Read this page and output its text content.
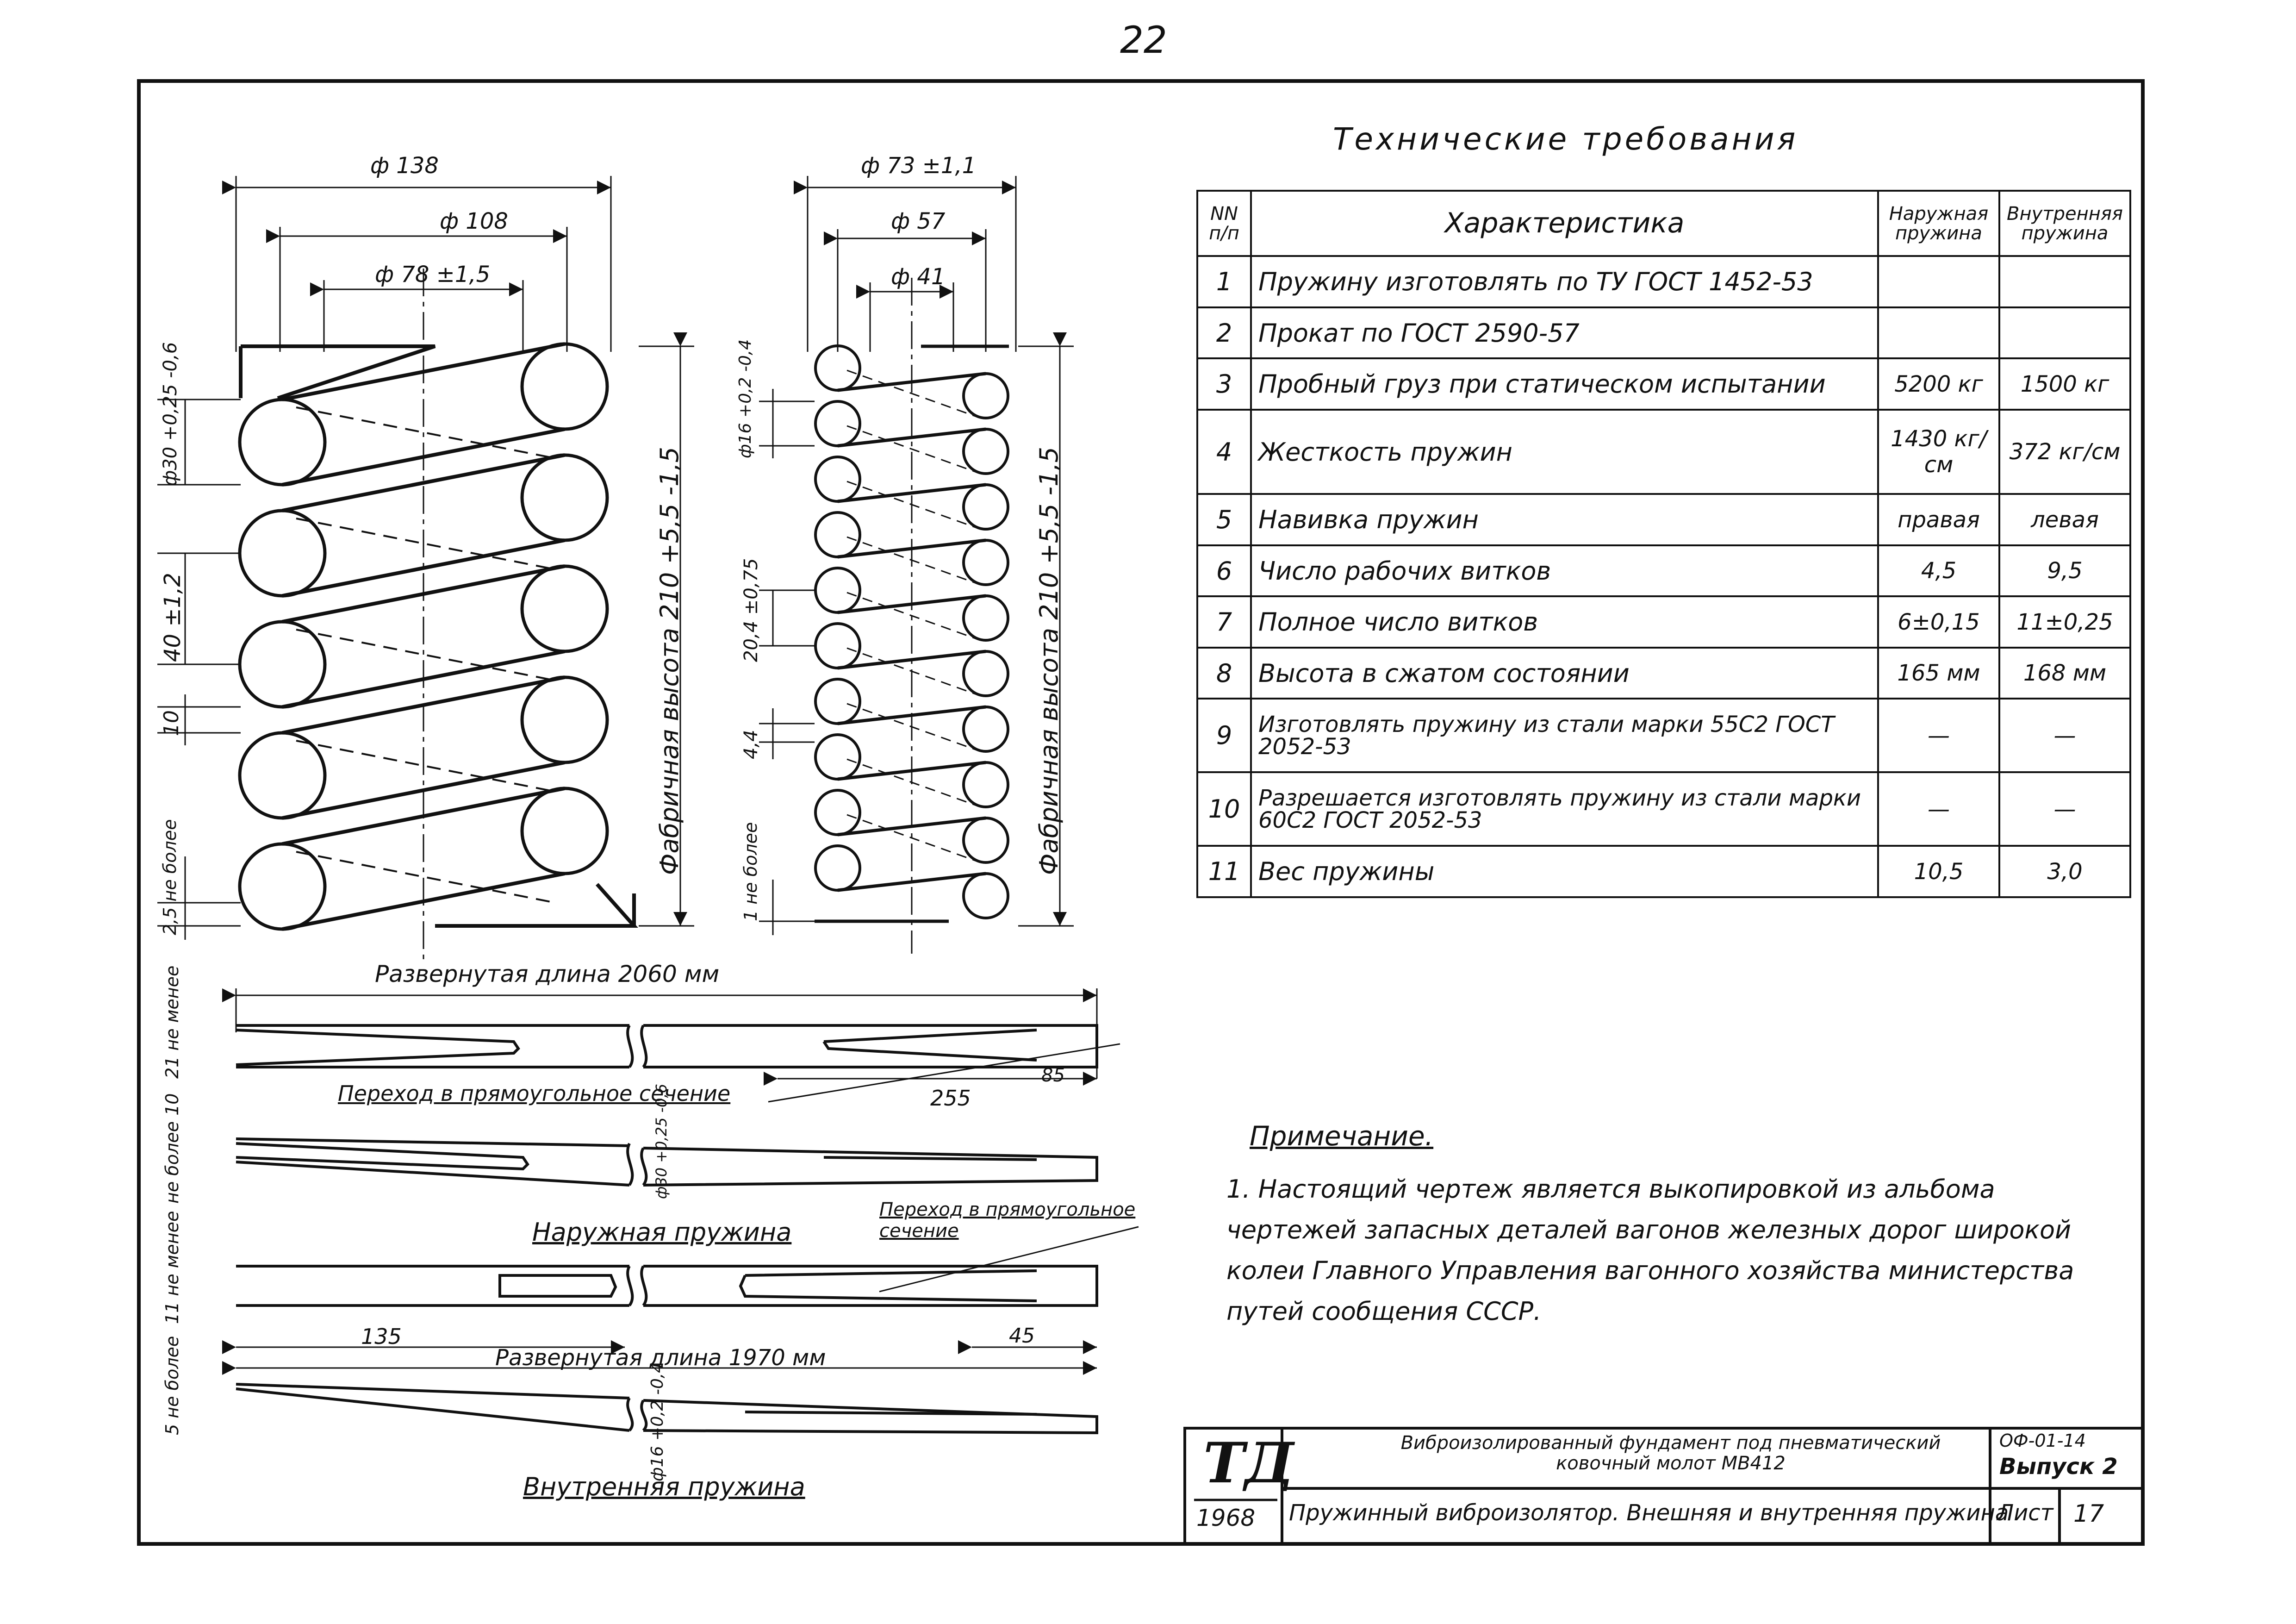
22
Технические требования
NN п/п	Характеристика	Наружная пружина	Внутренняя пружина
1	Пружину изготовлять по ТУ ГОСТ 1452-53		
2	Прокат по ГОСТ 2590-57		
3	Пробный груз при статическом испытании	5200 кг	1500 кг
4	Жесткость пружин	1430 кг/см	372 кг/см
5	Навивка пружин	правая	левая
6	Число рабочих витков	4,5	9,5
7	Полное число витков	6±0,15	11±0,25
8	Высота в сжатом состоянии	165 мм	168 мм
9	Изготовлять пружину из стали марки 55С2 ГОСТ 2052-53	—	—
10	Разрешается изготовлять пружину из стали марки 60С2 ГОСТ 2052-53	—	—
11	Вес пружины	10,5	3,0
Примечание.
1. Настоящий чертеж является выкопировкой из альбома чертежей запасных деталей вагонов железных дорог широкой колеи Главного Управления вагонного хозяйства министерства путей сообщения СССР.
ф 138
ф 108
ф 78 ±1,5
ф30 +0,25 -0,6
40 ±1,2
10
2,5 не более
Фабричная высота 210 +5,5 -1,5
ф 73 ±1,1
ф 57
ф 41
ф16 +0,2 -0,4
20,4 ±0,75
4,4
1 не более	Фабричная высота 210 +5,5 -1,5
Развернутая длина 2060 мм
Переход в прямоугольное сечение	255
85
21 не менее
не более 10	ф30 +0,25 -0,6
Наружная пружина
Переход в прямоугольное сечение
11 не менее
135
Развернутая длина 1970 мм
45
5 не более	ф16 +0,2 -0,4
Внутренняя пружина	ТД
1968
Виброизолированный фундамент под пневматический ковочный молот МВ412
Пружинный виброизолятор. Внешняя и внутренняя пружина
ОФ-01-14
Выпуск 2
Лист 17
